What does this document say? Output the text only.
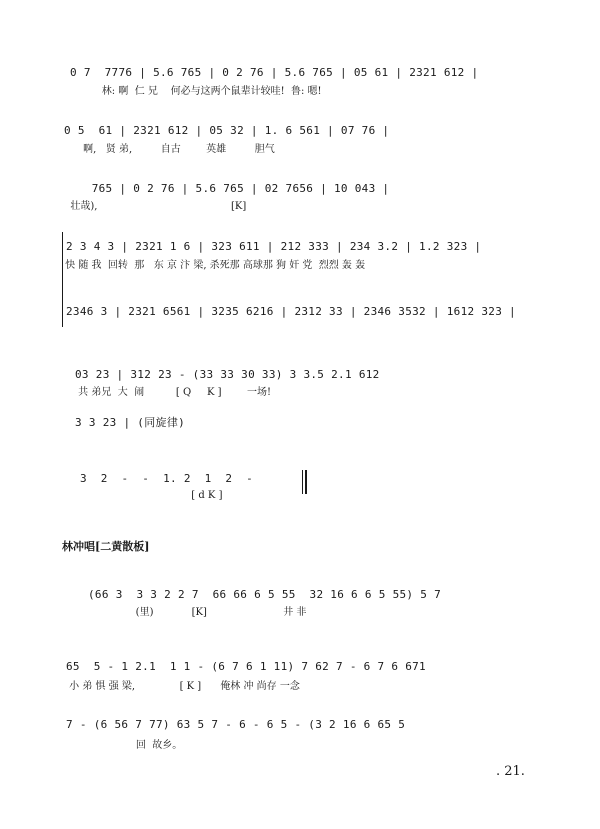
0 7  7776 | 5.6 765 | 0 2 76 | 5.6 765 | 05 61 | 2321 612 |
林: 啊  仁 兄    何必与这两个鼠辈计较哇!  鲁: 嗯!
0 5  61 | 2321 612 | 05 32 | 1. 6 561 | 07 76 |
啊,   贤 弟,         自古        英雄         胆气
765 | 0 2 76 | 5.6 765 | 02 7656 | 10 043 |
壮哉),                                          [K]
2 3 4 3 | 2321 1 6 | 323 611 | 212 333 | 234 3.2 | 1.2 323 |
快 随 我  回转  那   东 京 汴 梁, 杀死那 高球那 狗 奸 党  烈烈 轰 轰
2346 3 | 2321 6561 | 3235 6216 | 2312 33 | 2346 3532 | 1612 323 |
03 23 | 312 23 - (33 33 30 33) 3 3.5 2.1 612
共 弟兄  大  闹          [ Q     K ]        一场!
3 3 23 | (同旋律)
3  2  -  -  1. 2  1  2  -
[ d K ]
林冲唱[二黄散板]
(66 3  3 3 2 2 7  66 66 6 5 55  32 16 6 6 5 55) 5 7
(里)            [K]                        井 非
65  5 - 1 2.1  1 1 - (6 7 6 1 11) 7 62 7 - 6 7 6 671
小 弟 惧 强 梁,              [ K ]      俺林 冲 尚存 一念
7 - (6 56 7 77) 63 5 7 - 6 - 6 5 - (3 2 16 6 65 5
回  故乡。
. 21.
